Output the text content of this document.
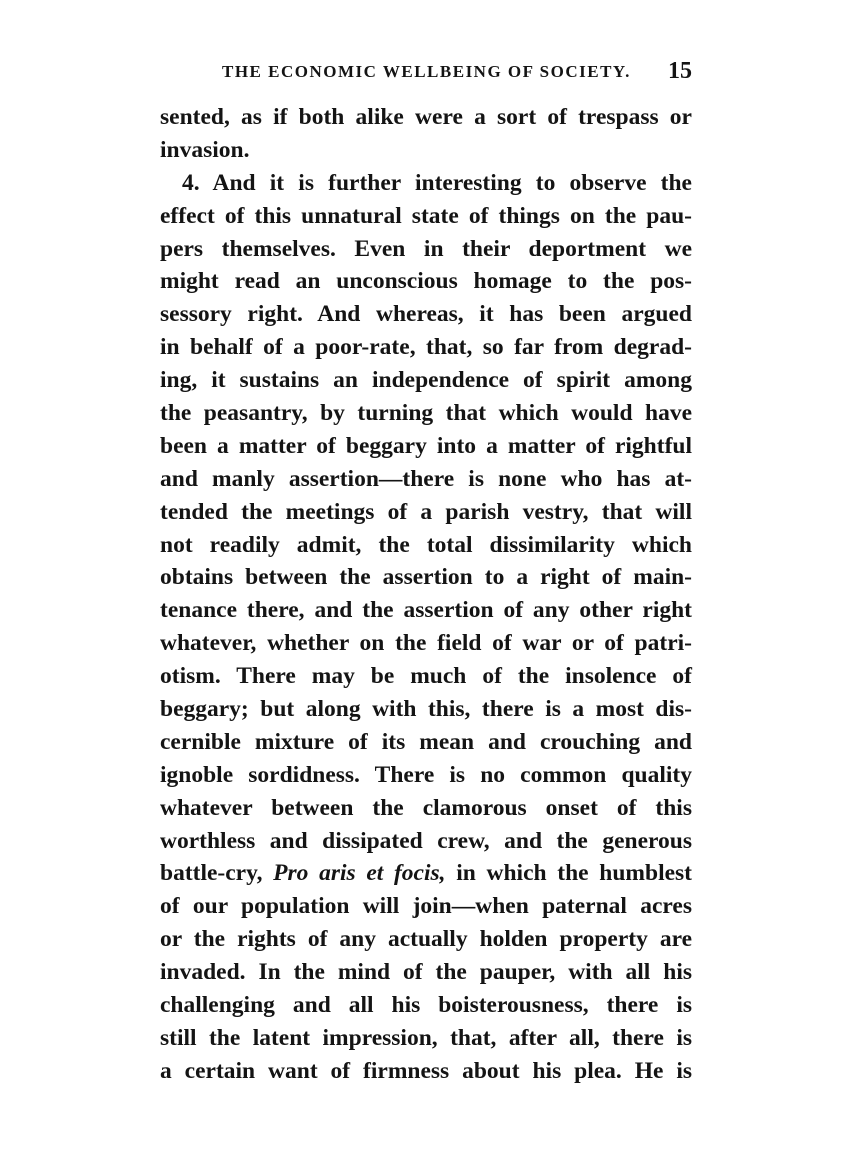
THE ECONOMIC WELLBEING OF SOCIETY. 15
sented, as if both alike were a sort of trespass or
invasion.
4. And it is further interesting to observe the
effect of this unnatural state of things on the pau-
pers themselves. Even in their deportment we
might read an unconscious homage to the pos-
sessory right. And whereas, it has been argued
in behalf of a poor-rate, that, so far from degrad-
ing, it sustains an independence of spirit among
the peasantry, by turning that which would have
been a matter of beggary into a matter of rightful
and manly assertion—there is none who has at-
tended the meetings of a parish vestry, that will
not readily admit, the total dissimilarity which
obtains between the assertion to a right of main-
tenance there, and the assertion of any other right
whatever, whether on the field of war or of patri-
otism. There may be much of the insolence of
beggary; but along with this, there is a most dis-
cernible mixture of its mean and crouching and
ignoble sordidness. There is no common quality
whatever between the clamorous onset of this
worthless and dissipated crew, and the generous
battle-cry, Pro aris et focis, in which the humblest
of our population will join—when paternal acres
or the rights of any actually holden property are
invaded. In the mind of the pauper, with all his
challenging and all his boisterousness, there is
still the latent impression, that, after all, there is
a certain want of firmness about his plea. He is
